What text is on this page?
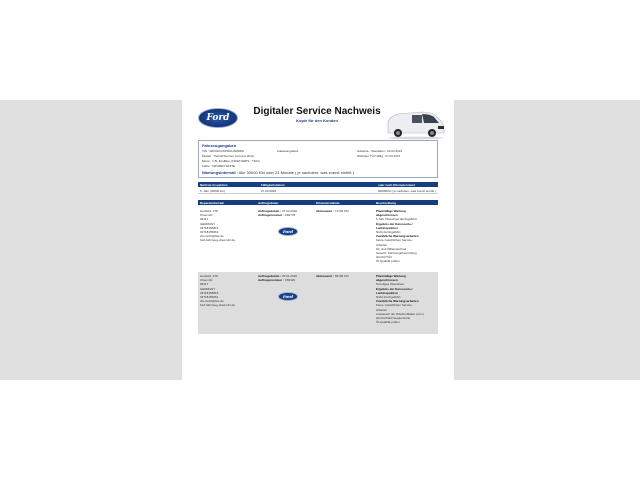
Ford
Digitaler Service Nachweis
Kopie für den Kunden
Fahrzeugangaben
VIN : WF0GXXWPDGUA00000
Modell : Transit/Tourneo Connect 2013-
Motor : 1.5L EcoBlue (74kW/100PS - TDCi)
Farbe : FROZEN WHITE
Zulassungsland:	Garantie - Standalon : 02.03.2021
Nächster TÜV fällig : 27.03.2027
Wartungsintervall : Alle 30000 KM oder 24 Monate ( je nachdem, was zuerst eintritt )
Nächste Inspektion	Fälligkeitsdatum	oder nach Kilometerstand
5. Jahr (30000 km)	27.03.2028	90000KM ( je nachdem, was zuerst eintritt )
Reparaturbetrieb	Auftragsdaten	Kilometerstände	Beschreibung
Hestfeld. 278
Chemnitz
09117
GERMANY
03718155815
03718155061
chemnitz@fws.de
ford-fahrzeug-chemnitz.de
Auftragsdatum : 27.03.2026
Auftragsnummer : K84778
Ford
Abtesewert : 71730 KM	Planmäßige Wartung
abgeschlossen
5 Jahr Ölwechsel durchgeführt
Ergebnis der Karosserie-/
Lackinspektion
Nicht durchgeführt
Zusätzliche Wartungsarbeiten
Keine zusätzlichen Service-
Arbeiten
Öl- und Ölfilterwechsel
Gesetzl. Fahrzeugüberprüfung
HU/AU/TÜV
Öl-Qualität prüfen
Hestfeld. 278
Chemnitz
09117
GERMANY
03718155815
03718155061
chemnitz@fws.de
ford-fahrzeug-chemnitz.de
Auftragsdatum : 26.01.2026
Auftragsnummer : K83320
Ford
Abtesewert : 59708 KM	Planmäßige Wartung
abgeschlossen
Sonstiges Ölwechsel
Ergebnis der Karosserie-/
Lackinspektion
Nicht durchgeführt
Zusätzliche Wartungsarbeiten
Keine zusätzlichen Service-
Arbeiten
Austausch der Wischerblätter (vorn)
HU/AU/Fahrzeugkontrolle
Öl-Qualität prüfen
